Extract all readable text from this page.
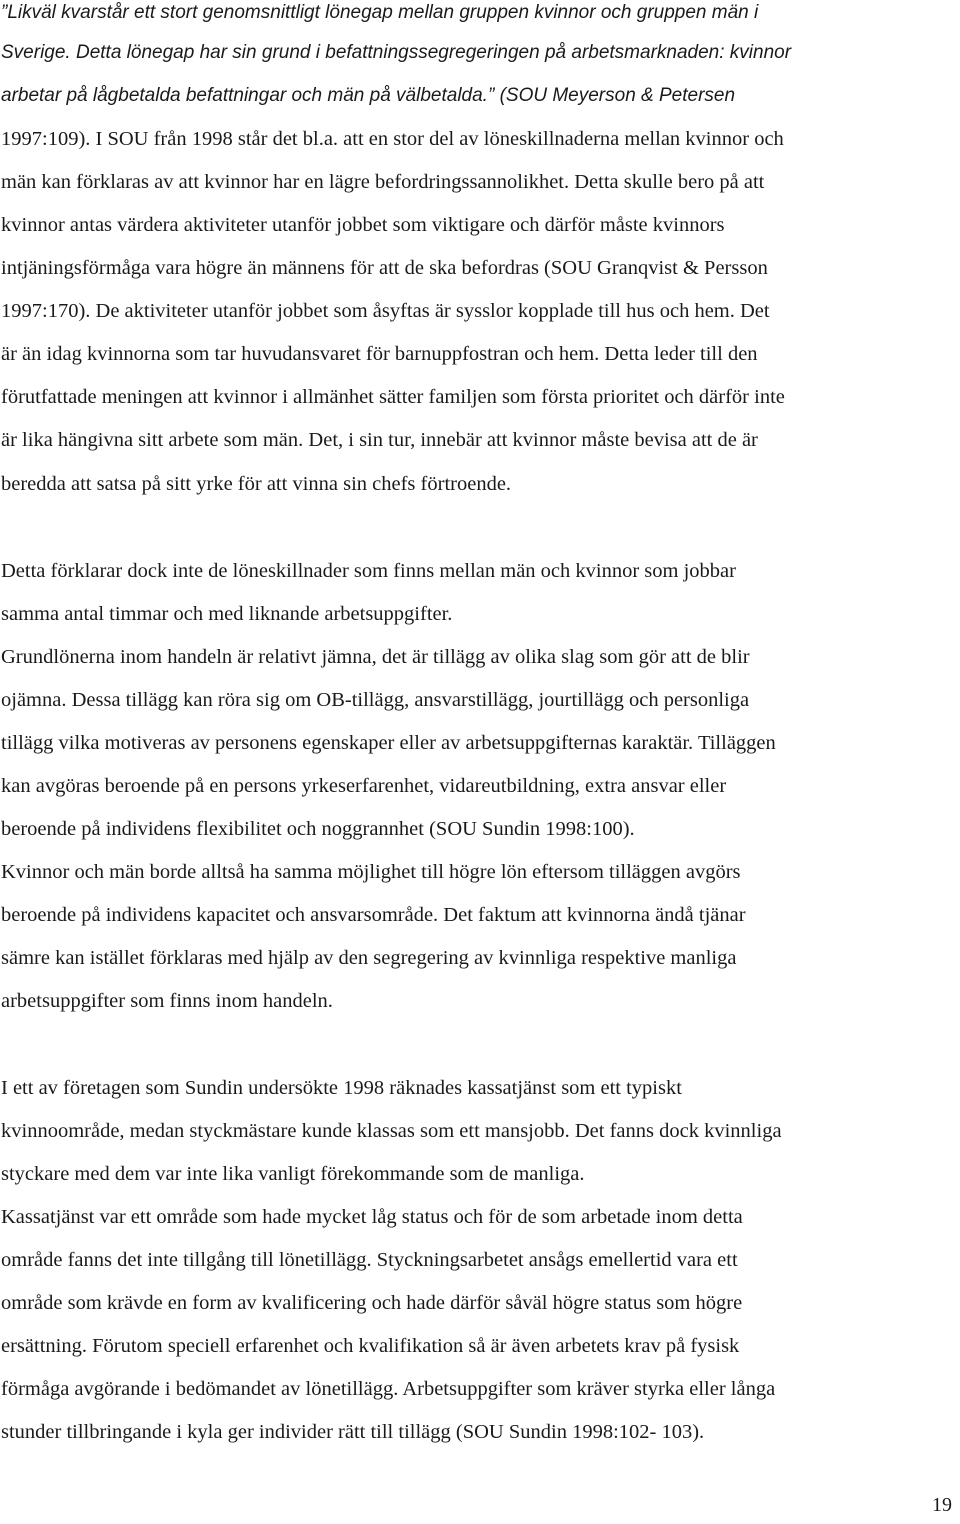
”Likväl kvarstår ett stort genomsnittligt lönegap mellan gruppen kvinnor och gruppen män i
Sverige. Detta lönegap har sin grund i befattningssegregeringen på arbetsmarknaden: kvinnor
arbetar på lågbetalda befattningar och män på välbetalda.” (SOU Meyerson & Petersen
1997:109). I SOU från 1998 står det bl.a. att en stor del av löneskillnaderna mellan kvinnor och
män kan förklaras av att kvinnor har en lägre befordringssannolikhet. Detta skulle bero på att
kvinnor antas värdera aktiviteter utanför jobbet som viktigare och därför måste kvinnors
intjäningsförmåga vara högre än männens för att de ska befordras (SOU Granqvist & Persson
1997:170). De aktiviteter utanför jobbet som åsyftas är sysslor kopplade till hus och hem. Det
är än idag kvinnorna som tar huvudansvaret för barnuppfostran och hem. Detta leder till den
förutfattade meningen att kvinnor i allmänhet sätter familjen som första prioritet och därför inte
är lika hängivna sitt arbete som män. Det, i sin tur, innebär att kvinnor måste bevisa att de är
beredda att satsa på sitt yrke för att vinna sin chefs förtroende.
Detta förklarar dock inte de löneskillnader som finns mellan män och kvinnor som jobbar
samma antal timmar och med liknande arbetsuppgifter.
Grundlönerna inom handeln är relativt jämna, det är tillägg av olika slag som gör att de blir
ojämna. Dessa tillägg kan röra sig om OB-tillägg, ansvarstillägg, jourtillägg och personliga
tillägg vilka motiveras av personens egenskaper eller av arbetsuppgifternas karaktär. Tilläggen
kan avgöras beroende på en persons yrkeserfarenhet, vidareutbildning, extra ansvar eller
beroende på individens flexibilitet och noggrannhet (SOU Sundin 1998:100).
Kvinnor och män borde alltså ha samma möjlighet till högre lön eftersom tilläggen avgörs
beroende på individens kapacitet och ansvarsområde. Det faktum att kvinnorna ändå tjänar
sämre kan istället förklaras med hjälp av den segregering av kvinnliga respektive manliga
arbetsuppgifter som finns inom handeln.
I ett av företagen som Sundin undersökte 1998 räknades kassatjänst som ett typiskt
kvinnoområde, medan styckmästare kunde klassas som ett mansjobb. Det fanns dock kvinnliga
styckare med dem var inte lika vanligt förekommande som de manliga.
Kassatjänst var ett område som hade mycket låg status och för de som arbetade inom detta
område fanns det inte tillgång till lönetillägg. Styckningsarbetet ansågs emellertid vara ett
område som krävde en form av kvalificering och hade därför såväl högre status som högre
ersättning. Förutom speciell erfarenhet och kvalifikation så är även arbetets krav på fysisk
förmåga avgörande i bedömandet av lönetillägg. Arbetsuppgifter som kräver styrka eller långa
stunder tillbringande i kyla ger individer rätt till tillägg (SOU Sundin 1998:102- 103).
19
